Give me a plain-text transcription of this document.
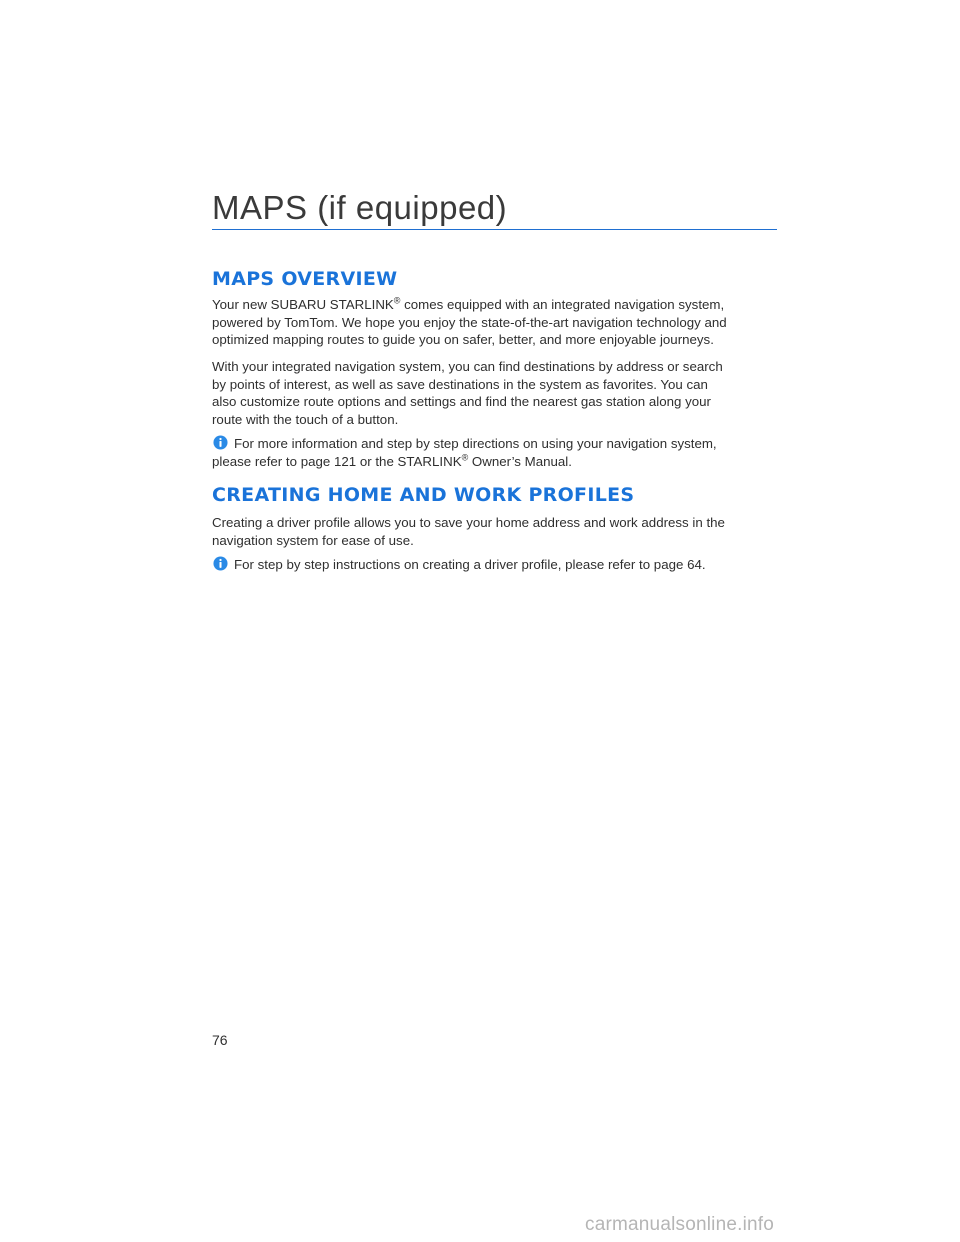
MAPS (if equipped)
MAPS OVERVIEW

Your new SUBARU STARLINK® comes equipped with an integrated navigation system, powered by TomTom. We hope you enjoy the state-of-the-art navigation technology and optimized mapping routes to guide you on safer, better, and more enjoyable journeys.

With your integrated navigation system, you can find destinations by address or search by points of interest, as well as save destinations in the system as favorites. You can also customize route options and settings and find the nearest gas station along your route with the touch of a button.

For more information and step by step directions on using your navigation system, please refer to page 121 or the STARLINK® Owner’s Manual.

CREATING HOME AND WORK PROFILES

Creating a driver profile allows you to save your home address and work address in the navigation system for ease of use.

For step by step instructions on creating a driver profile, please refer to page 64.

76

carmanualsonline.info
